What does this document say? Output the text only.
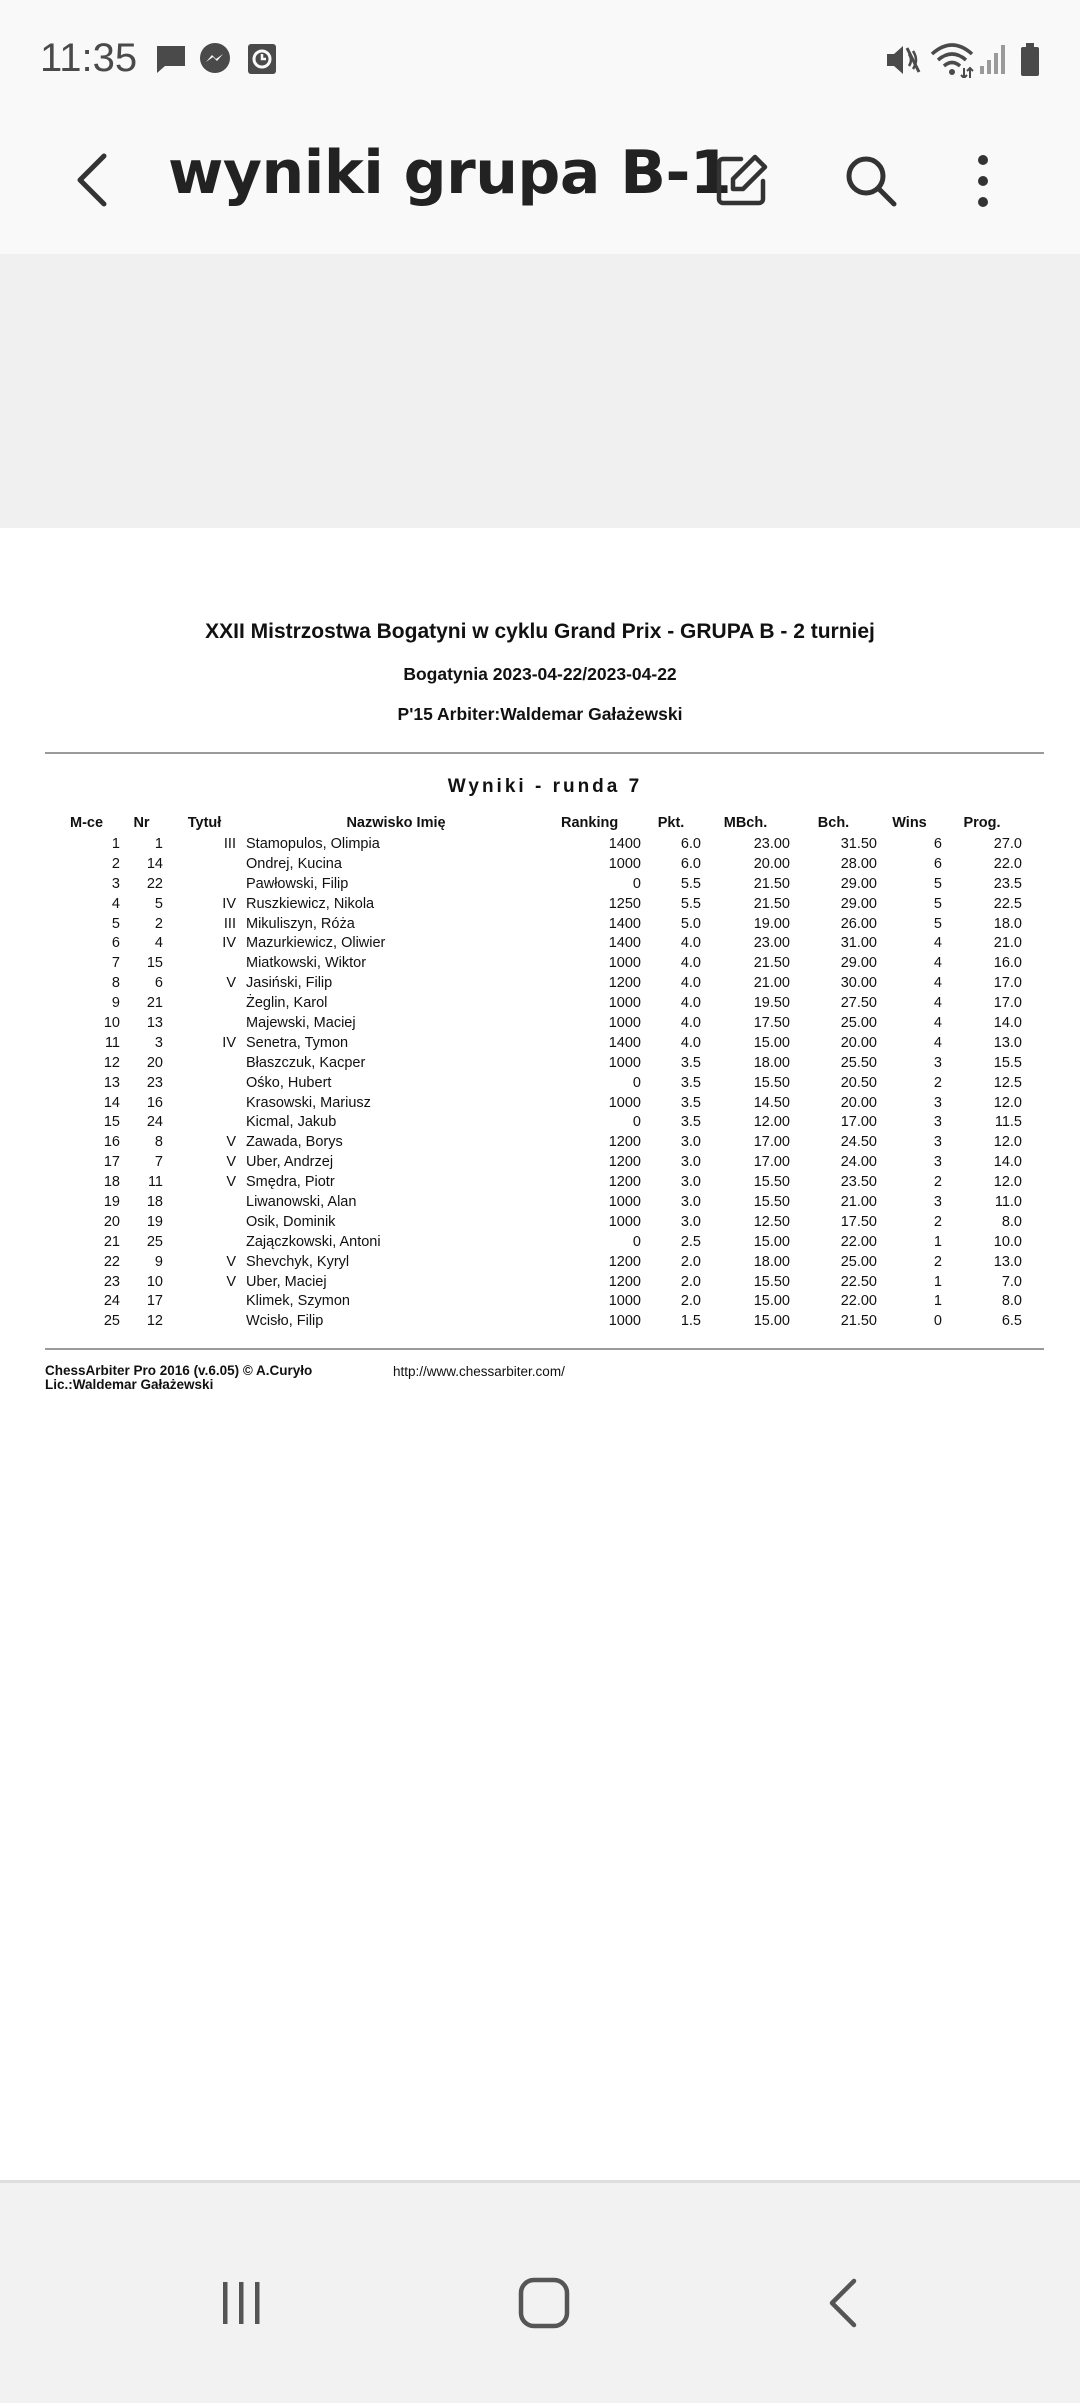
11:35
wyniki grupa B-1
XXII Mistrzostwa Bogatyni w cyklu Grand Prix - GRUPA B - 2 turniej
Bogatynia 2023-04-22/2023-04-22
P'15 Arbiter:Waldemar Gałażewski
Wyniki - runda 7
M-ce	Nr	Tytuł	Nazwisko Imię	Ranking	Pkt.	MBch.	Bch.	Wins	Prog.
1	1	III	Stamopulos, Olimpia	1400	6.0	23.00	31.50	6	27.0
2	14		Ondrej, Kucina	1000	6.0	20.00	28.00	6	22.0
3	22		Pawłowski, Filip	0	5.5	21.50	29.00	5	23.5
4	5	IV	Ruszkiewicz, Nikola	1250	5.5	21.50	29.00	5	22.5
5	2	III	Mikuliszyn, Róża	1400	5.0	19.00	26.00	5	18.0
6	4	IV	Mazurkiewicz, Oliwier	1400	4.0	23.00	31.00	4	21.0
7	15		Miatkowski, Wiktor	1000	4.0	21.50	29.00	4	16.0
8	6	V	Jasiński, Filip	1200	4.0	21.00	30.00	4	17.0
9	21		Żeglin, Karol	1000	4.0	19.50	27.50	4	17.0
10	13		Majewski, Maciej	1000	4.0	17.50	25.00	4	14.0
11	3	IV	Senetra, Tymon	1400	4.0	15.00	20.00	4	13.0
12	20		Błaszczuk, Kacper	1000	3.5	18.00	25.50	3	15.5
13	23		Ośko, Hubert	0	3.5	15.50	20.50	2	12.5
14	16		Krasowski, Mariusz	1000	3.5	14.50	20.00	3	12.0
15	24		Kicmal, Jakub	0	3.5	12.00	17.00	3	11.5
16	8	V	Zawada, Borys	1200	3.0	17.00	24.50	3	12.0
17	7	V	Uber, Andrzej	1200	3.0	17.00	24.00	3	14.0
18	11	V	Smędra, Piotr	1200	3.0	15.50	23.50	2	12.0
19	18		Liwanowski, Alan	1000	3.0	15.50	21.00	3	11.0
20	19		Osik, Dominik	1000	3.0	12.50	17.50	2	8.0
21	25		Zajączkowski, Antoni	0	2.5	15.00	22.00	1	10.0
22	9	V	Shevchyk, Kyryl	1200	2.0	18.00	25.00	2	13.0
23	10	V	Uber, Maciej	1200	2.0	15.50	22.50	1	7.0
24	17		Klimek, Szymon	1000	2.0	15.00	22.00	1	8.0
25	12		Wcisło, Filip	1000	1.5	15.00	21.50	0	6.5
ChessArbiter Pro 2016 (v.6.05) © A.Curyło
Lic.:Waldemar Gałażewski
http://www.chessarbiter.com/
